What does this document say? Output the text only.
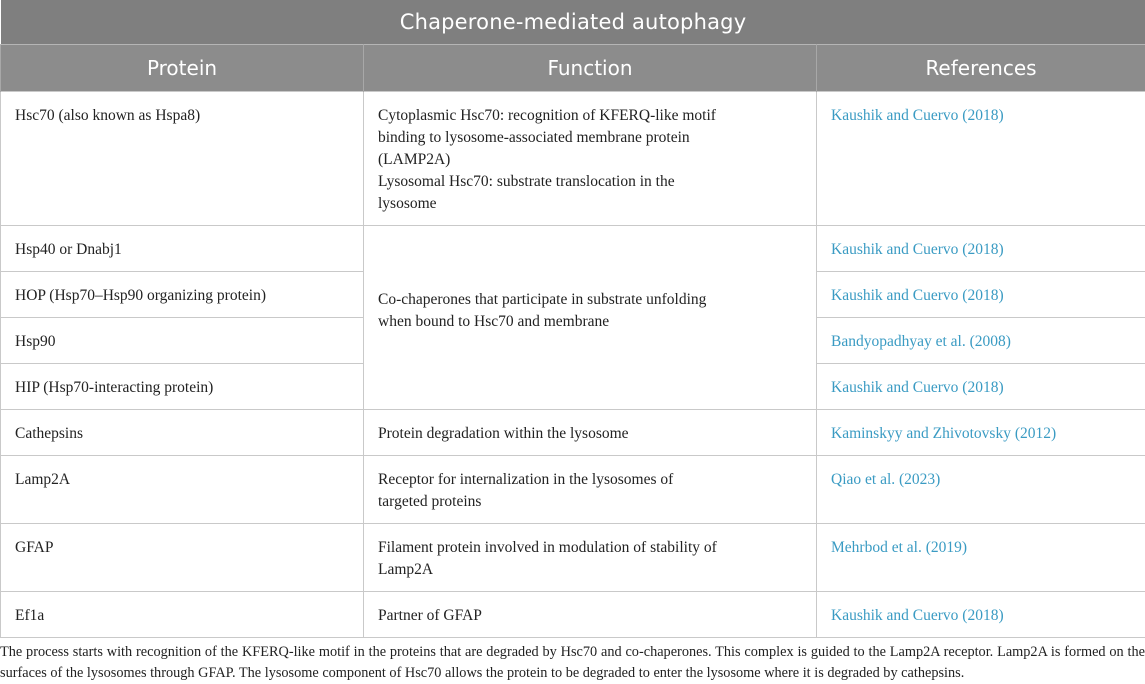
Chaperone-mediated autophagy		
Protein	Function	References

Hsc70 (also known as Hspa8)	Cytoplasmic Hsc70: recognition of KFERQ-like motif
binding to lysosome-associated membrane protein
(LAMP2A)
Lysosomal Hsc70: substrate translocation in the
lysosome	Kaushik and Cuervo (2018)

Hsp40 or Dnabj1	Co-chaperones that participate in substrate unfolding
when bound to Hsc70 and membrane	Kaushik and Cuervo (2018)

HOP (Hsp70–Hsp90 organizing protein)		Kaushik and Cuervo (2018)

Hsp90		Bandyopadhyay et al. (2008)

HIP (Hsp70-interacting protein)		Kaushik and Cuervo (2018)

Cathepsins	Protein degradation within the lysosome	Kaminskyy and Zhivotovsky (2012)

Lamp2A	Receptor for internalization in the lysosomes of
targeted proteins	Qiao et al. (2023)

GFAP	Filament protein involved in modulation of stability of
Lamp2A	Mehrbod et al. (2019)

Ef1a	Partner of GFAP	Kaushik and Cuervo (2018)
The process starts with recognition of the KFERQ-like motif in the proteins that are degraded by Hsc70 and co-chaperones. This complex is guided to the Lamp2A receptor. Lamp2A is formed on the surfaces of the lysosomes through GFAP. The lysosome component of Hsc70 allows the protein to be degraded to enter the lysosome where it is degraded by cathepsins.
